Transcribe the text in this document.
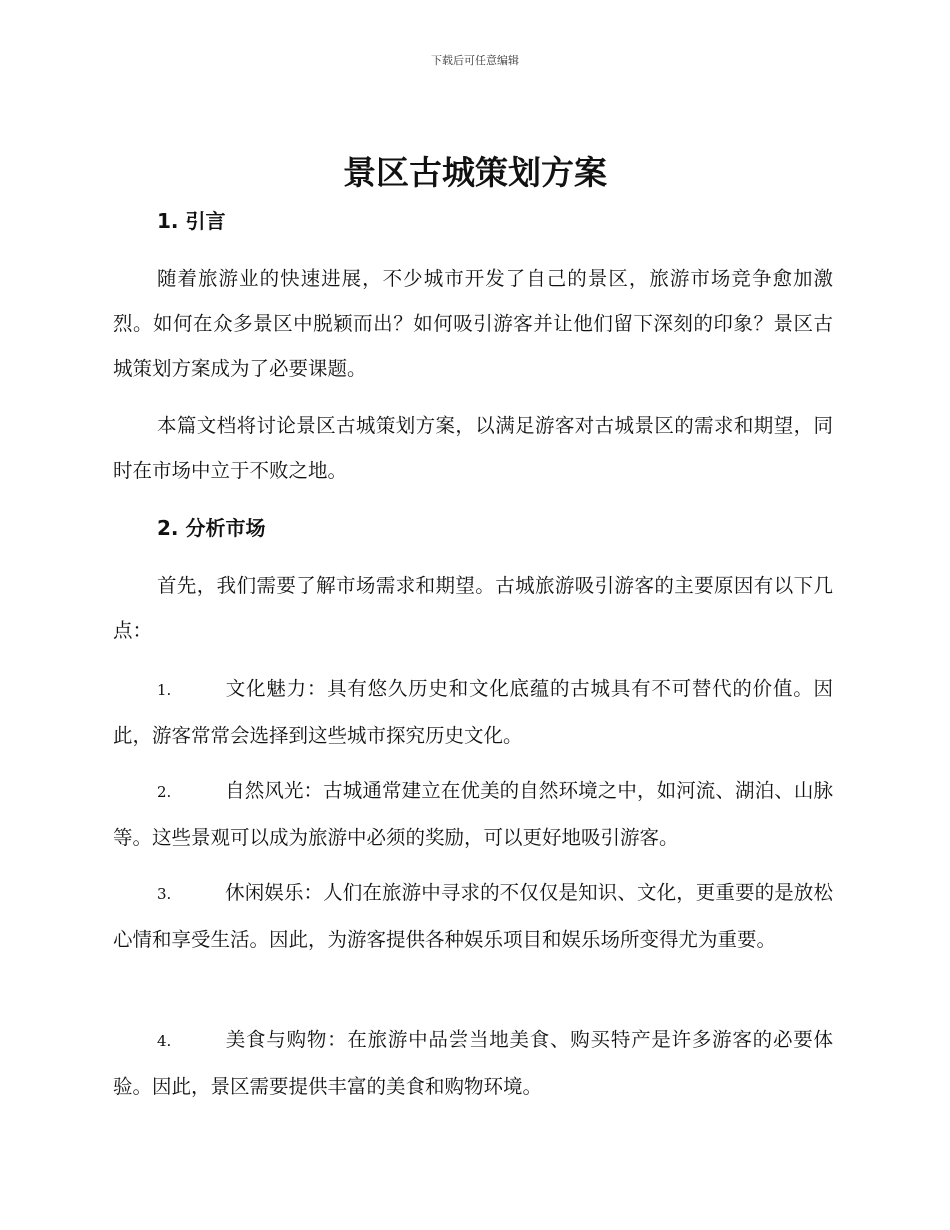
下载后可任意编辑
景区古城策划方案
1. 引言

随着旅游业的快速进展，不少城市开发了自己的景区，旅游市场竞争愈加激烈。如何在众多景区中脱颖而出？如何吸引游客并让他们留下深刻的印象？景区古城策划方案成为了必要课题。

本篇文档将讨论景区古城策划方案，以满足游客对古城景区的需求和期望，同时在市场中立于不败之地。

2. 分析市场

首先，我们需要了解市场需求和期望。古城旅游吸引游客的主要原因有以下几点：

1.	文化魅力：具有悠久历史和文化底蕴的古城具有不可替代的价值。因此，游客常常会选择到这些城市探究历史文化。

2.	自然风光：古城通常建立在优美的自然环境之中，如河流、湖泊、山脉等。这些景观可以成为旅游中必须的奖励，可以更好地吸引游客。

3.	休闲娱乐：人们在旅游中寻求的不仅仅是知识、文化，更重要的是放松心情和享受生活。因此，为游客提供各种娱乐项目和娱乐场所变得尤为重要。

4.	美食与购物：在旅游中品尝当地美食、购买特产是许多游客的必要体验。因此，景区需要提供丰富的美食和购物环境。
